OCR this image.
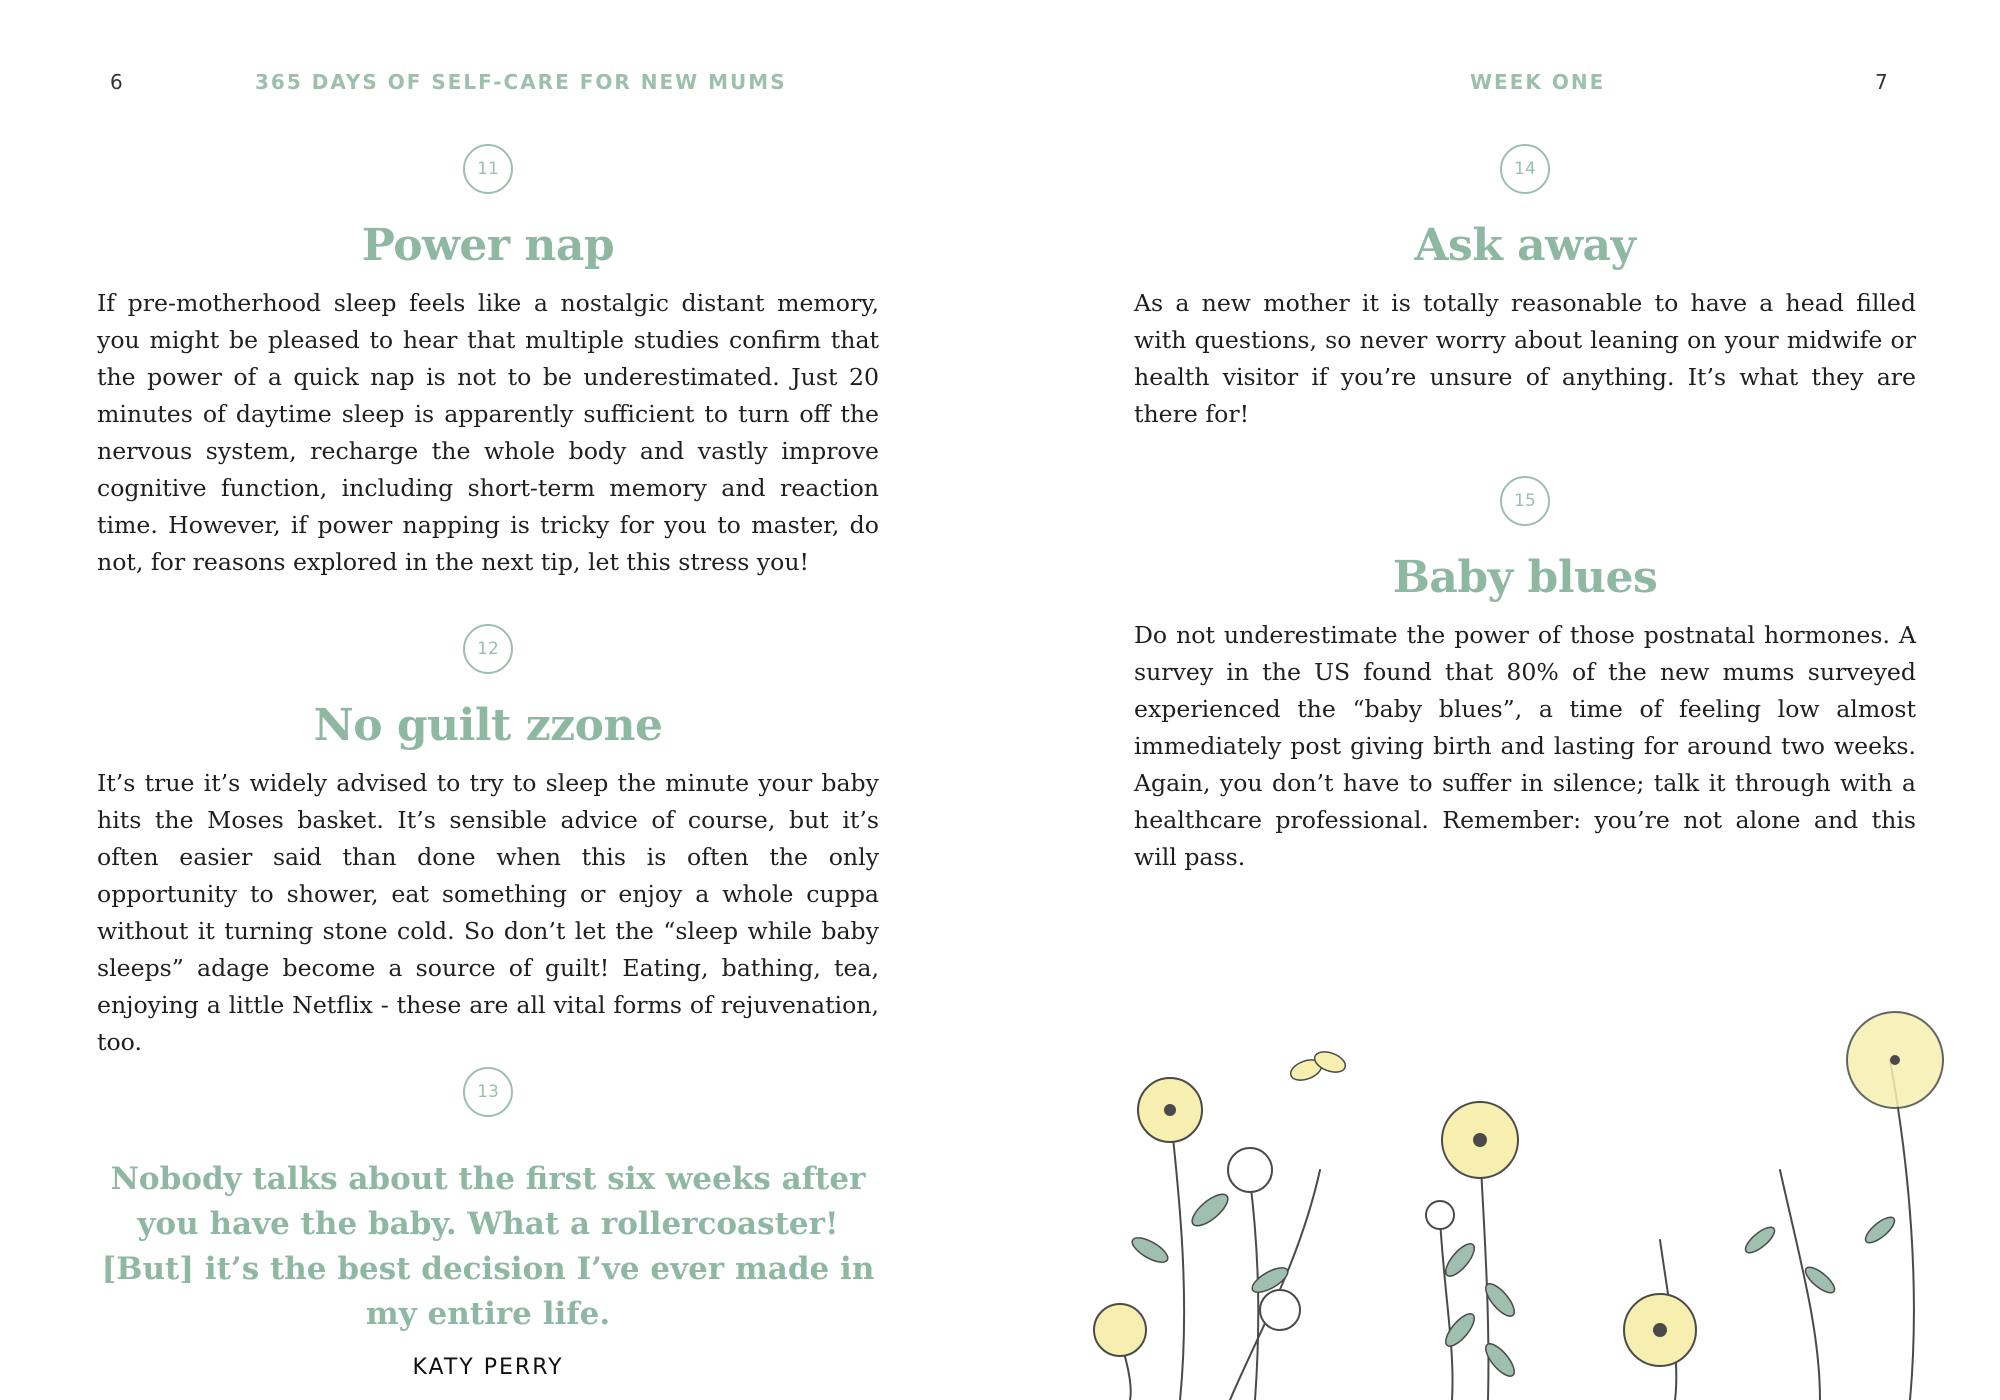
6	365 DAYS OF SELF-CARE FOR NEW MUMS
11
Power nap

If pre-motherhood sleep feels like a nostalgic distant memory, you might be pleased to hear that multiple studies confirm that the power of a quick nap is not to be underestimated. Just 20 minutes of daytime sleep is apparently sufficient to turn off the nervous system, recharge the whole body and vastly improve cognitive function, including short-term memory and reaction time. However, if power napping is tricky for you to master, do not, for reasons explored in the next tip, let this stress you!

12
No guilt zzone

It’s true it’s widely advised to try to sleep the minute your baby hits the Moses basket. It’s sensible advice of course, but it’s often easier said than done when this is often the only opportunity to shower, eat something or enjoy a whole cuppa without it turning stone cold. So don’t let the “sleep while baby sleeps” adage become a source of guilt! Eating, bathing, tea, enjoying a little Netflix - these are all vital forms of rejuvenation, too.

13

Nobody talks about the first six weeks after you have the baby. What a rollercoaster! [But] it’s the best decision I’ve ever made in my entire life.

KATY PERRY
WEEK ONE	7
14
Ask away

As a new mother it is totally reasonable to have a head filled with questions, so never worry about leaning on your midwife or health visitor if you’re unsure of anything. It’s what they are there for!

15
Baby blues

Do not underestimate the power of those postnatal hormones. A survey in the US found that 80% of the new mums surveyed experienced the “baby blues”, a time of feeling low almost immediately post giving birth and lasting for around two weeks. Again, you don’t have to suffer in silence; talk it through with a healthcare professional. Remember: you’re not alone and this will pass.
